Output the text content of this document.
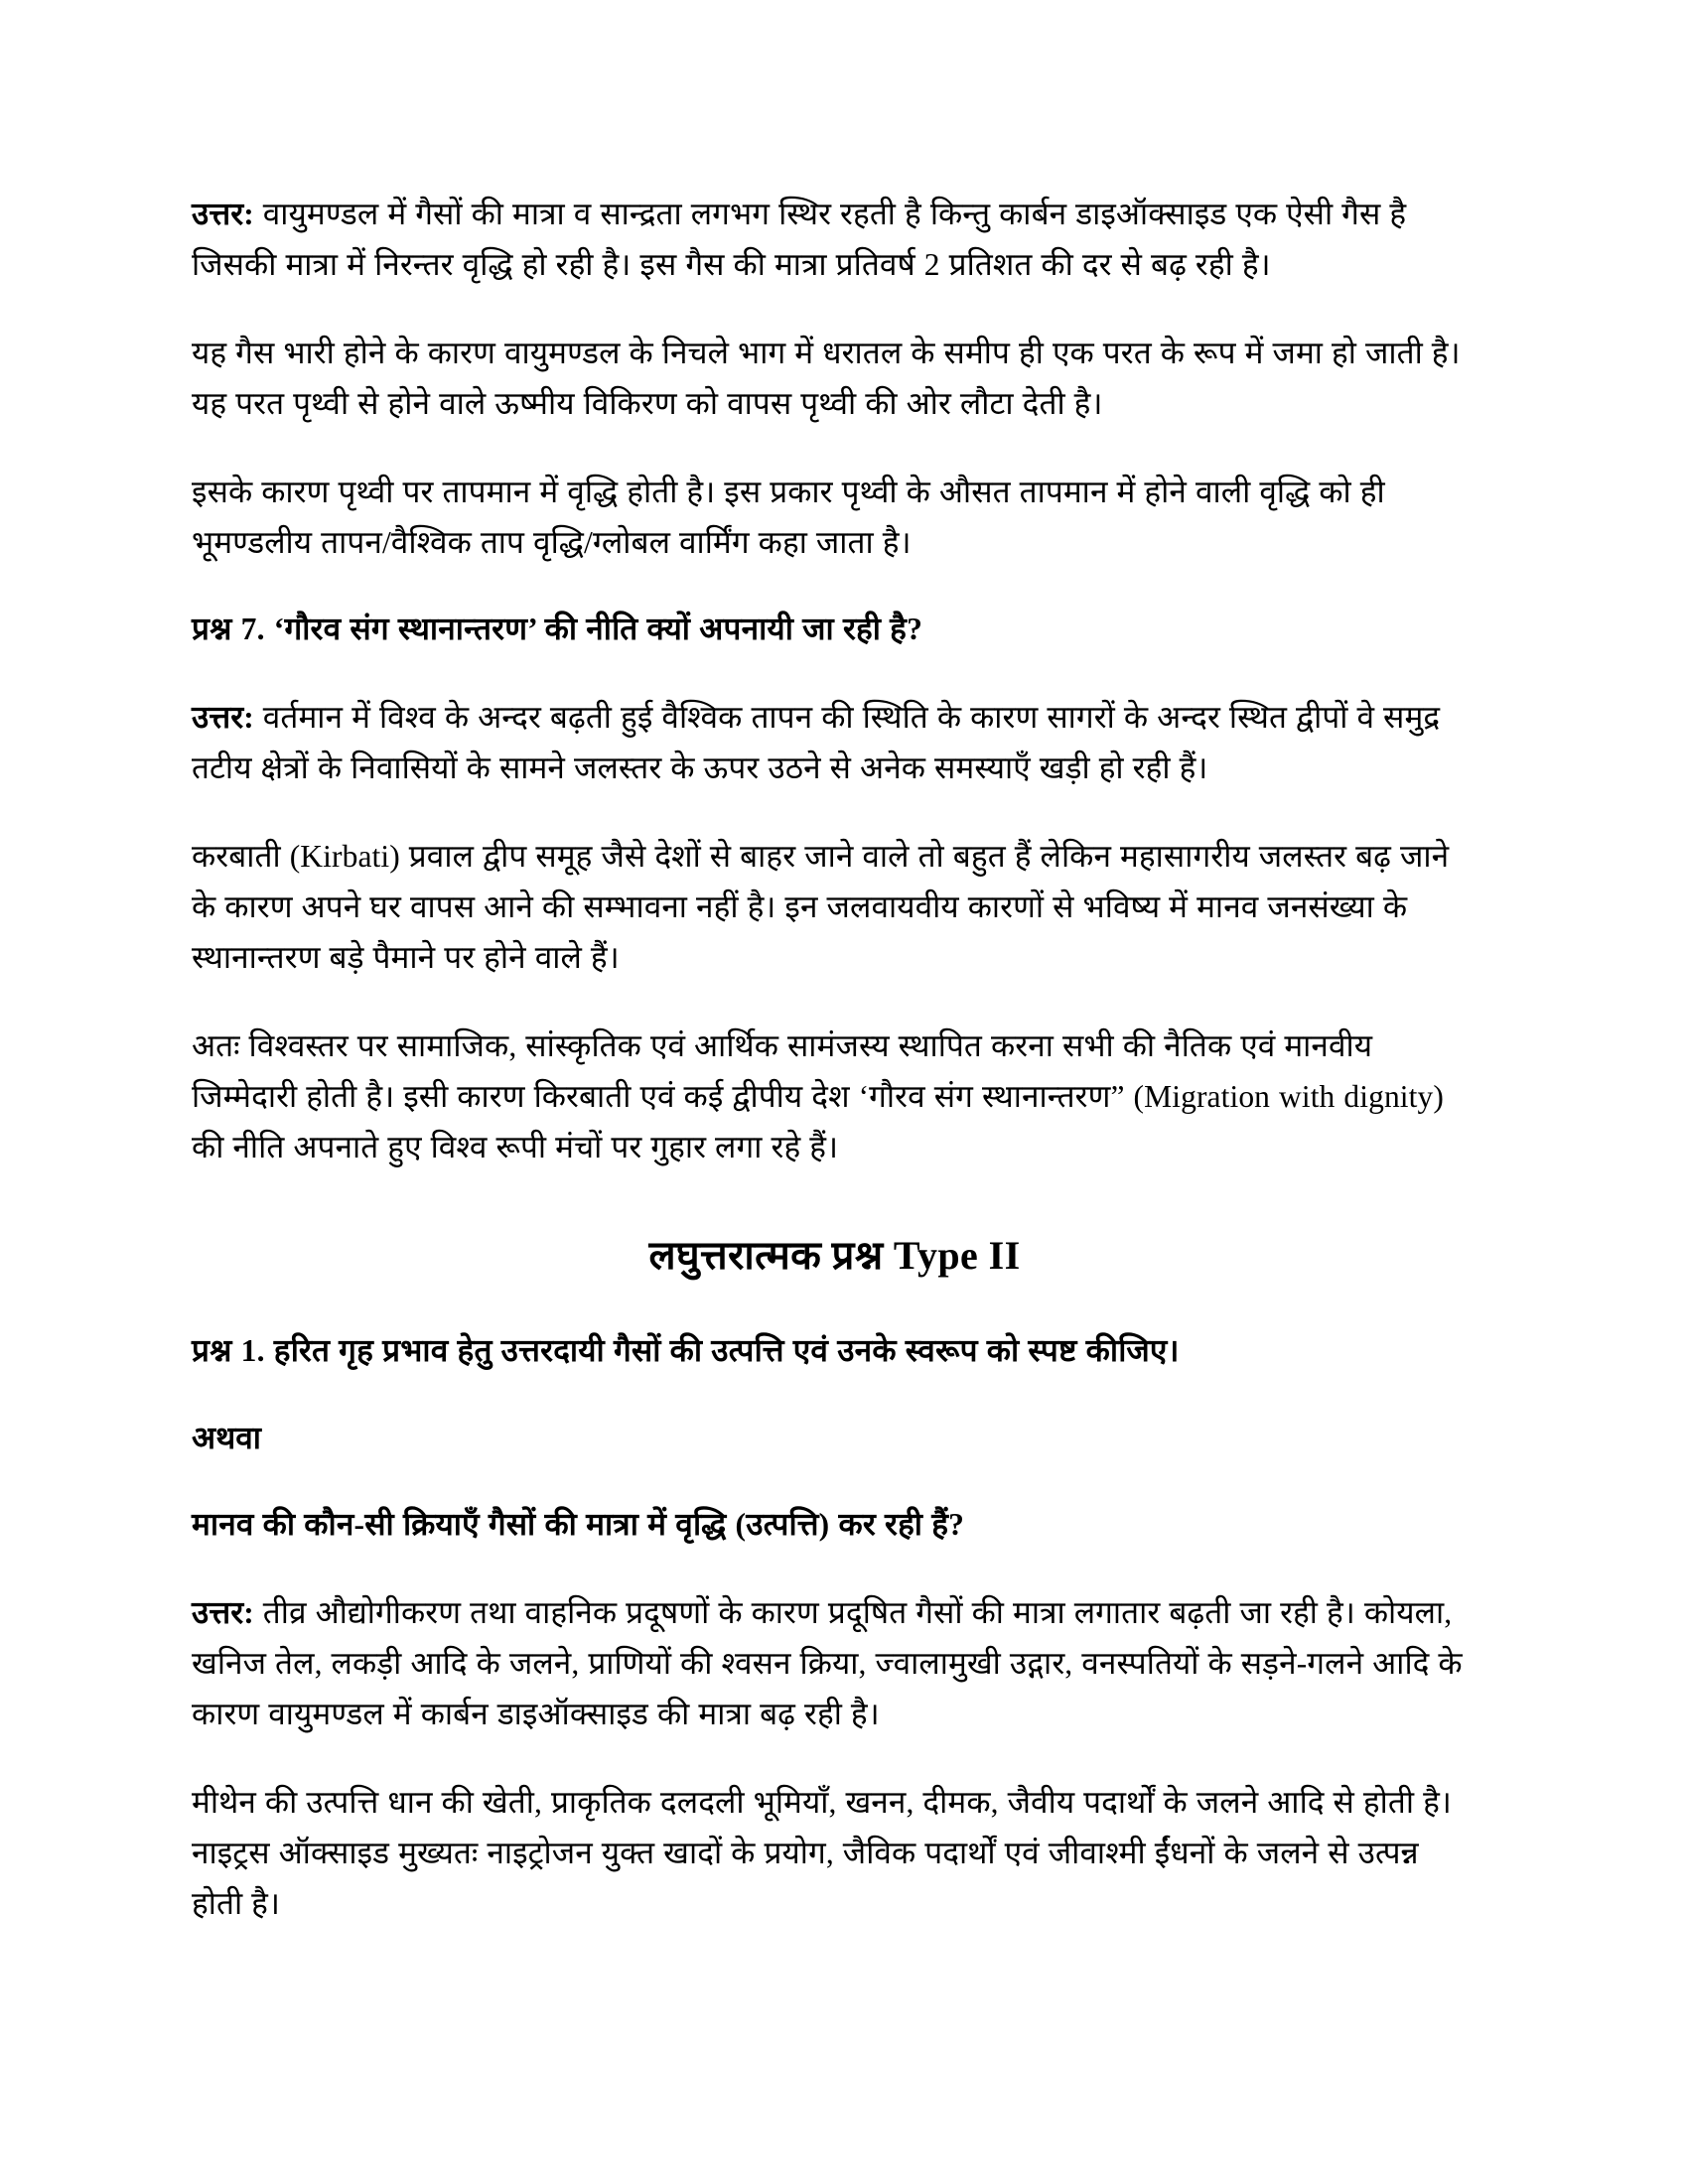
उत्तर: वायुमण्डल में गैसों की मात्रा व सान्द्रता लगभग स्थिर रहती है किन्तु कार्बन डाइऑक्साइड एक ऐसी गैस है जिसकी मात्रा में निरन्तर वृद्धि हो रही है। इस गैस की मात्रा प्रतिवर्ष 2 प्रतिशत की दर से बढ़ रही है।

यह गैस भारी होने के कारण वायुमण्डल के निचले भाग में धरातल के समीप ही एक परत के रूप में जमा हो जाती है। यह परत पृथ्वी से होने वाले ऊष्मीय विकिरण को वापस पृथ्वी की ओर लौटा देती है।

इसके कारण पृथ्वी पर तापमान में वृद्धि होती है। इस प्रकार पृथ्वी के औसत तापमान में होने वाली वृद्धि को ही भूमण्डलीय तापन/वैश्विक ताप वृद्धि/ग्लोबल वार्मिंग कहा जाता है।

प्रश्न 7. ‘गौरव संग स्थानान्तरण’ की नीति क्यों अपनायी जा रही है?

उत्तर: वर्तमान में विश्व के अन्दर बढ़ती हुई वैश्विक तापन की स्थिति के कारण सागरों के अन्दर स्थित द्वीपों वे समुद्र तटीय क्षेत्रों के निवासियों के सामने जलस्तर के ऊपर उठने से अनेक समस्याएँ खड़ी हो रही हैं।

करबाती (Kirbati) प्रवाल द्वीप समूह जैसे देशों से बाहर जाने वाले तो बहुत हैं लेकिन महासागरीय जलस्तर बढ़ जाने के कारण अपने घर वापस आने की सम्भावना नहीं है। इन जलवायवीय कारणों से भविष्य में मानव जनसंख्या के स्थानान्तरण बड़े पैमाने पर होने वाले हैं।

अतः विश्वस्तर पर सामाजिक, सांस्कृतिक एवं आर्थिक सामंजस्य स्थापित करना सभी की नैतिक एवं मानवीय जिम्मेदारी होती है। इसी कारण किरबाती एवं कई द्वीपीय देश ‘गौरव संग स्थानान्तरण” (Migration with dignity) की नीति अपनाते हुए विश्व रूपी मंचों पर गुहार लगा रहे हैं।

लघुत्तरात्मक प्रश्न Type II
प्रश्न 1. हरित गृह प्रभाव हेतु उत्तरदायी गैसों की उत्पत्ति एवं उनके स्वरूप को स्पष्ट कीजिए।

अथवा

मानव की कौन-सी क्रियाएँ गैसों की मात्रा में वृद्धि (उत्पत्ति) कर रही हैं?

उत्तर: तीव्र औद्योगीकरण तथा वाहनिक प्रदूषणों के कारण प्रदूषित गैसों की मात्रा लगातार बढ़ती जा रही है। कोयला, खनिज तेल, लकड़ी आदि के जलने, प्राणियों की श्वसन क्रिया, ज्वालामुखी उद्गार, वनस्पतियों के सड़ने-गलने आदि के कारण वायुमण्डल में कार्बन डाइऑक्साइड की मात्रा बढ़ रही है।

मीथेन की उत्पत्ति धान की खेती, प्राकृतिक दलदली भूमियाँ, खनन, दीमक, जैवीय पदार्थों के जलने आदि से होती है। नाइट्रस ऑक्साइड मुख्यतः नाइट्रोजन युक्त खादों के प्रयोग, जैविक पदार्थों एवं जीवाश्मी ईंधनों के जलने से उत्पन्न होती है।
